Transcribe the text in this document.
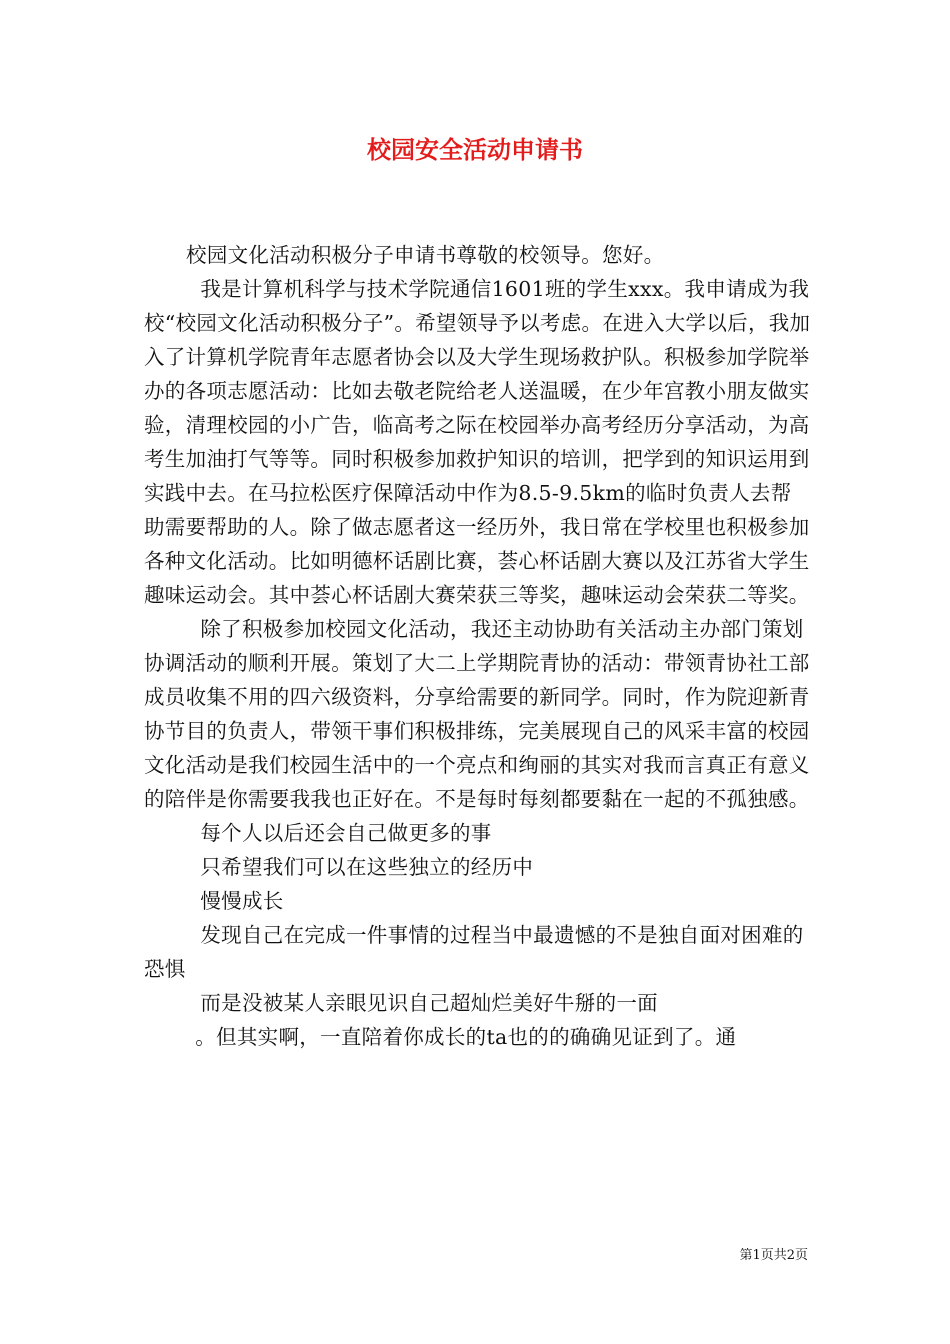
校园安全活动申请书

校园文化活动积极分子申请书尊敬的校领导。您好。

我是计算机科学与技术学院通信1601班的学生xxx。我申请成为我校“校园文化活动积极分子”。希望领导予以考虑。在进入大学以后，我加入了计算机学院青年志愿者协会以及大学生现场救护队。积极参加学院举办的各项志愿活动：比如去敬老院给老人送温暖，在少年宫教小朋友做实验，清理校园的小广告，临高考之际在校园举办高考经历分享活动，为高考生加油打气等等。同时积极参加救护知识的培训，把学到的知识运用到实践中去。在马拉松医疗保障活动中作为8.5-9.5km的临时负责人去帮助需要帮助的人。除了做志愿者这一经历外，我日常在学校里也积极参加各种文化活动。比如明德杯话剧比赛，荟心杯话剧大赛以及江苏省大学生趣味运动会。其中荟心杯话剧大赛荣获三等奖，趣味运动会荣获二等奖。

除了积极参加校园文化活动，我还主动协助有关活动主办部门策划协调活动的顺利开展。策划了大二上学期院青协的活动：带领青协社工部成员收集不用的四六级资料，分享给需要的新同学。同时，作为院迎新青协节目的负责人，带领干事们积极排练，完美展现自己的风采丰富的校园文化活动是我们校园生活中的一个亮点和绚丽的其实对我而言真正有意义的陪伴是你需要我我也正好在。不是每时每刻都要黏在一起的不孤独感。

每个人以后还会自己做更多的事

只希望我们可以在这些独立的经历中

慢慢成长

发现自己在完成一件事情的过程当中最遗憾的不是独自面对困难的恐惧

而是没被某人亲眼见识自己超灿烂美好牛掰的一面

。但其实啊，一直陪着你成长的ta也的的确确见证到了。通

第1页共2页
